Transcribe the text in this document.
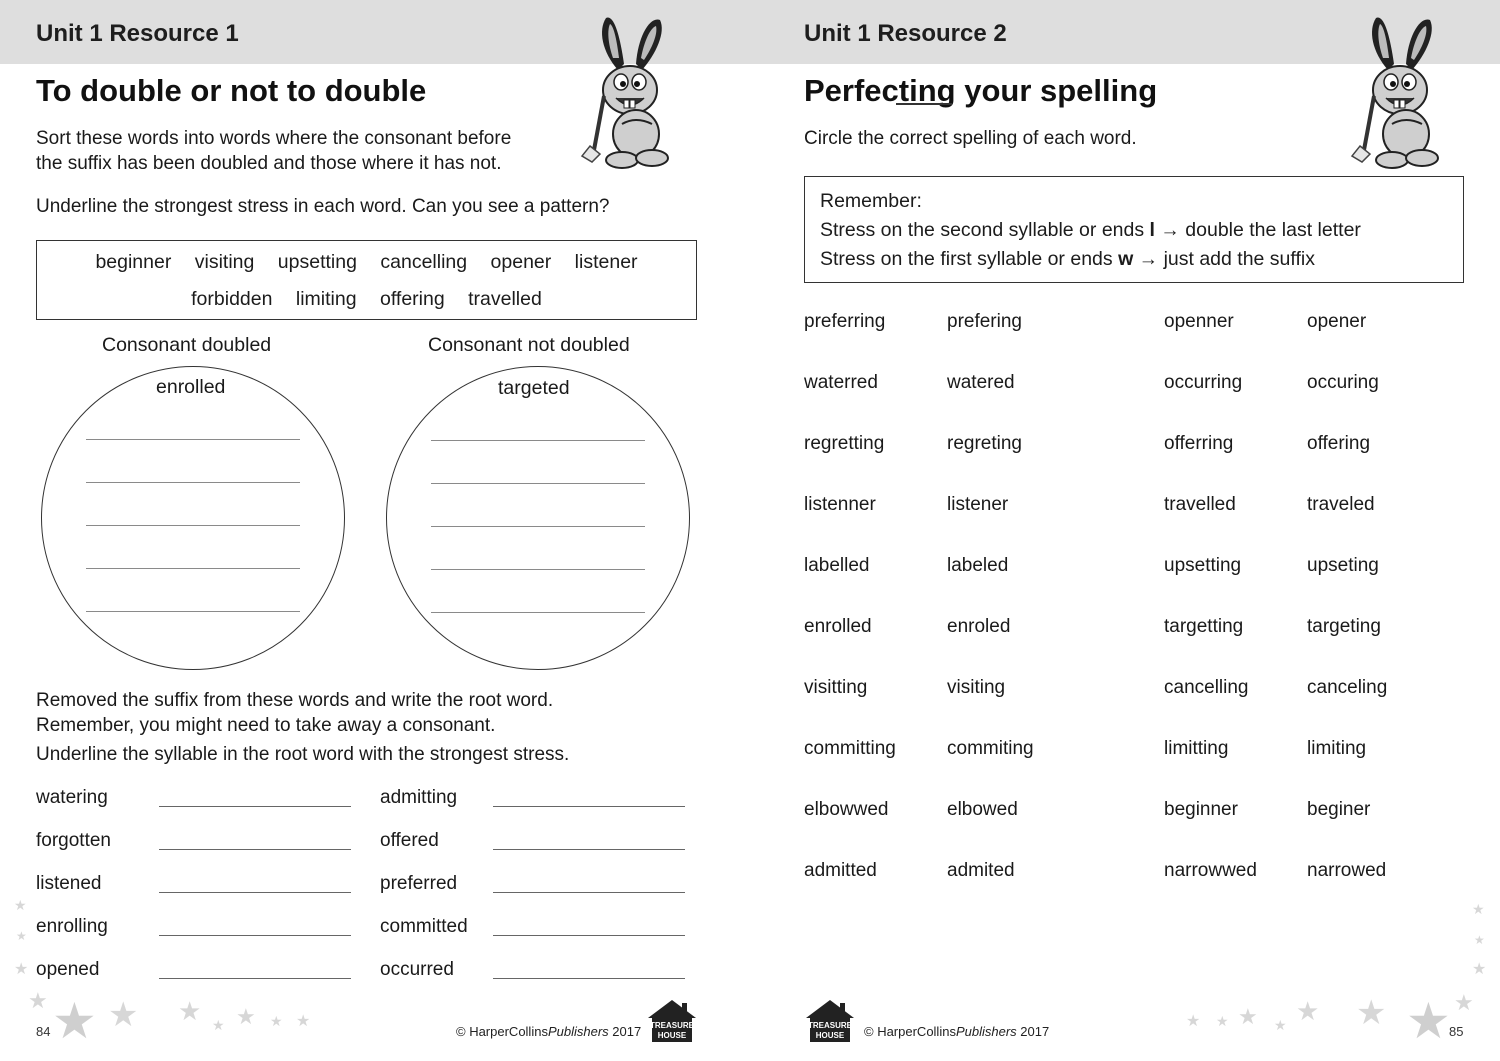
Unit 1 Resource 1
To double or not to double
Sort these words into words where the consonant before
the suffix has been doubled and those where it has not.
Underline the strongest stress in each word. Can you see a pattern?
beginner visiting upsetting cancelling opener listener
forbidden limiting offering travelled
Consonant doubled	Consonant not doubled
enrolled	targeted
Removed the suffix from these words and write the root word.
Remember, you might need to take away a consonant.
Underline the syllable in the root word with the strongest stress.
watering	admitting
forgotten	offered
listened	preferred
enrolling	committed
opened	occurred
★
★
★
★ ★ ★ ★ ★ ★ ★ ★
84	© HarperCollinsPublishers 2017 TREASURE
HOUSE
Unit 1 Resource 2
Perfecting your spelling
Circle the correct spelling of each word.
Remember:
Stress on the second syllable or ends l → double the last letter
Stress on the first syllable or ends w → just add the suffix
preferring	prefering	openner	opener
waterred	watered	occurring	occuring
regretting	regreting	offerring	offering
listenner	listener	travelled	traveled
labelled	labeled	upsetting	upseting
enrolled	enroled	targetting	targeting
visitting	visiting	cancelling	canceling
committing	commiting	limitting	limiting
elbowwed	elbowed	beginner	beginer
admitted	admited	narrowwed	narrowed
★
★
★
★
★
★
★
★
★
★
★
TREASURE
HOUSE © HarperCollinsPublishers 2017	85
